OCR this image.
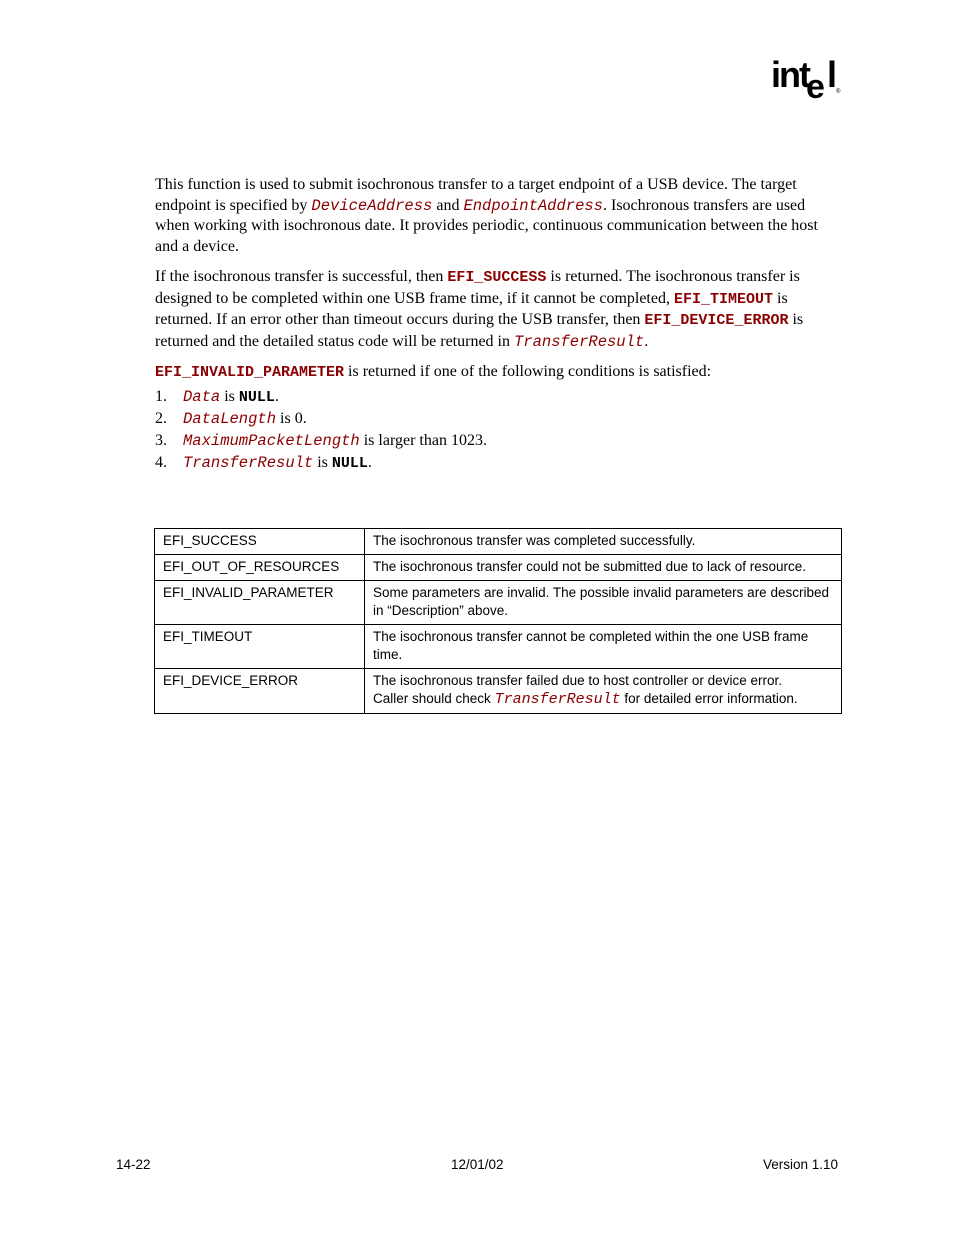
int
e l
®

This function is used to submit isochronous transfer to a target endpoint of a USB device. The target endpoint is specified by DeviceAddress and EndpointAddress. Isochronous transfers are used when working with isochronous date. It provides periodic, continuous communication between the host and a device.

If the isochronous transfer is successful, then EFI_SUCCESS is returned. The isochronous transfer is designed to be completed within one USB frame time, if it cannot be completed, EFI_TIMEOUT is returned. If an error other than timeout occurs during the USB transfer, then EFI_DEVICE_ERROR is returned and the detailed status code will be returned in TransferResult.

EFI_INVALID_PARAMETER is returned if one of the following conditions is satisfied:

1. Data is NULL.
2. DataLength is 0.
3. MaximumPacketLength is larger than 1023.
4. TransferResult is NULL.
EFI_SUCCESS	The isochronous transfer was completed successfully.
EFI_OUT_OF_RESOURCES	The isochronous transfer could not be submitted due to lack of resource.
EFI_INVALID_PARAMETER	Some parameters are invalid. The possible invalid parameters are described in “Description” above.
EFI_TIMEOUT	The isochronous transfer cannot be completed within the one USB frame time.
EFI_DEVICE_ERROR	The isochronous transfer failed due to host controller or device error.
Caller should check TransferResult for detailed error information.
14-22	12/01/02	Version 1.10
